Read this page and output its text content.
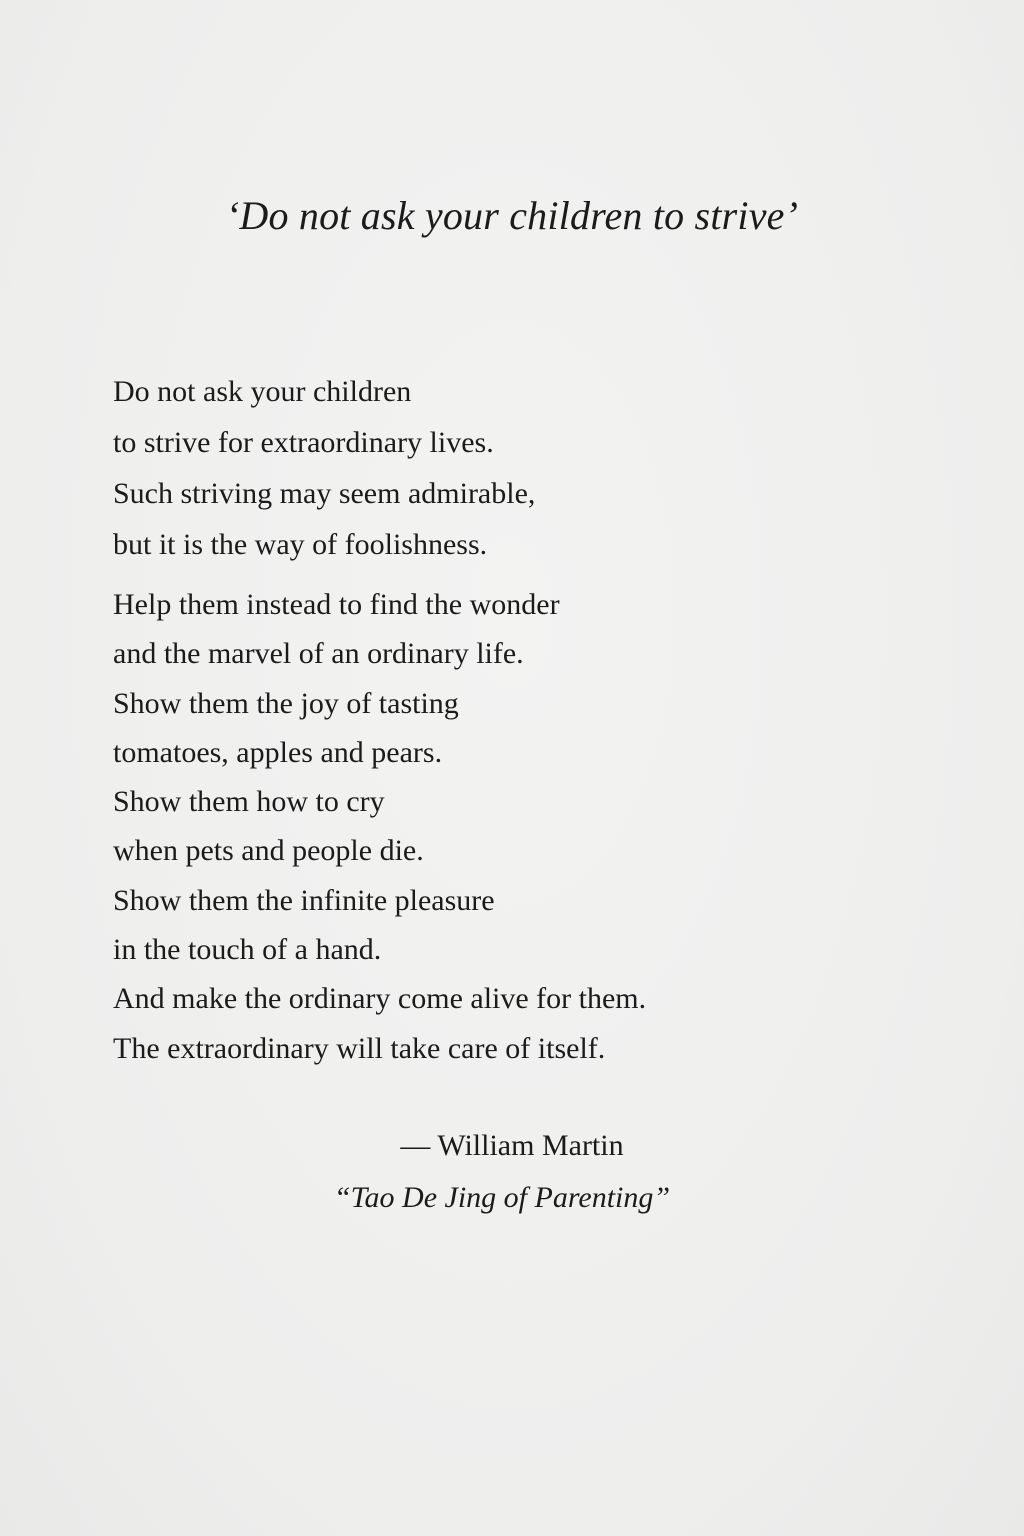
‘Do not ask your children to strive’

Do not ask your children
to strive for extraordinary lives.
Such striving may seem admirable,
but it is the way of foolishness.

Help them instead to find the wonder
and the marvel of an ordinary life.
Show them the joy of tasting
tomatoes, apples and pears.
Show them how to cry
when pets and people die.
Show them the infinite pleasure
in the touch of a hand.
And make the ordinary come alive for them.
The extraordinary will take care of itself.

— William Martin
“Tao De Jing of Parenting”
